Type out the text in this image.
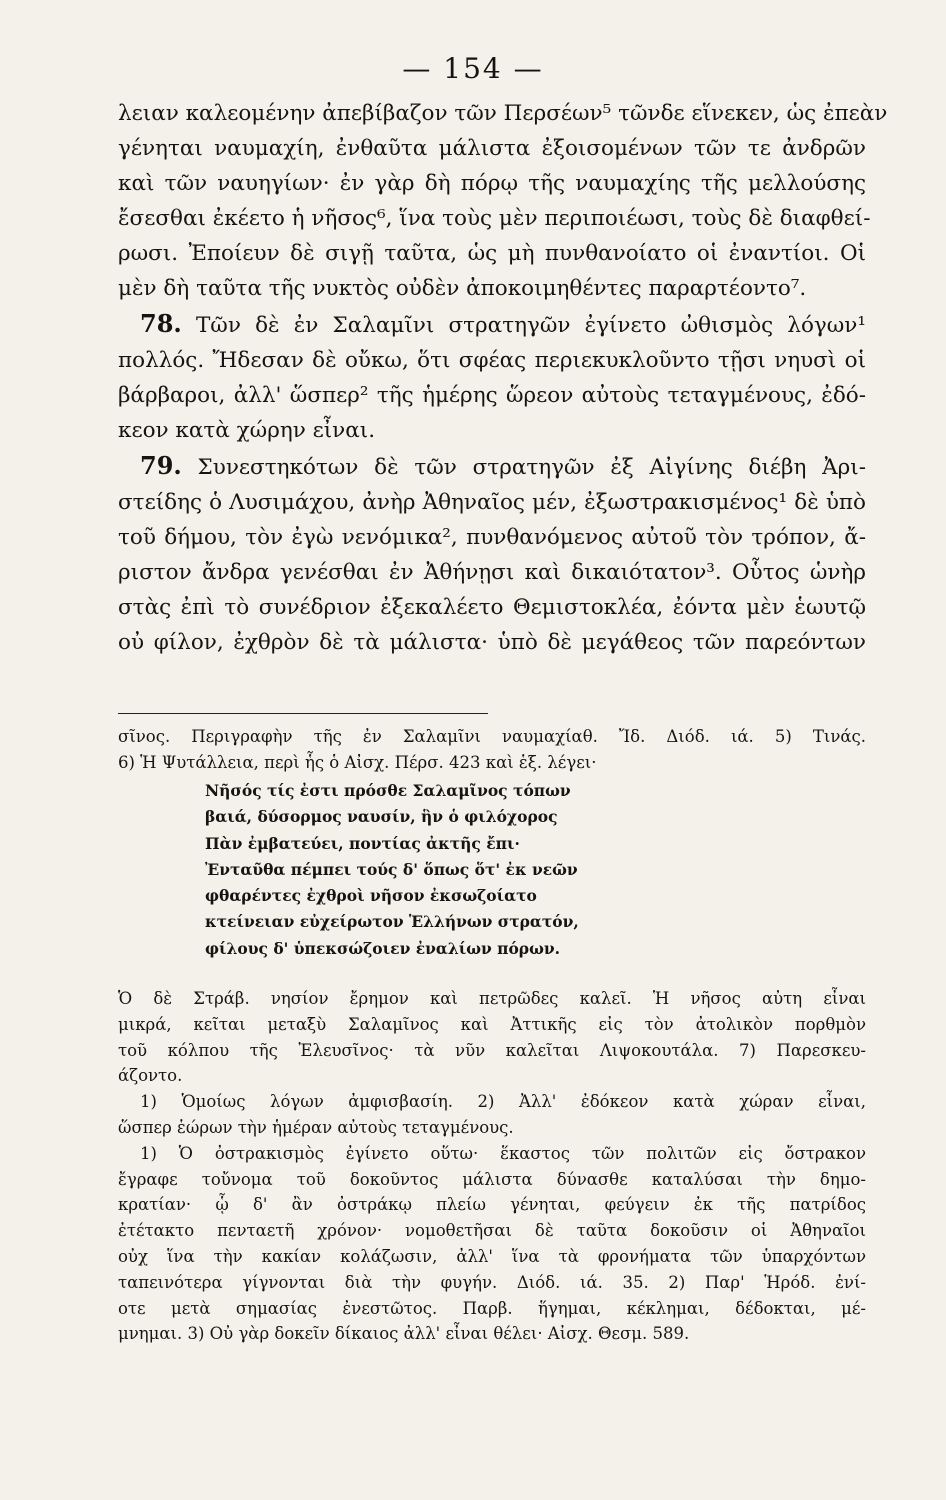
— 154 —

λειαν καλεομένην ἀπεβίβαζον τῶν Περσέων⁵ τῶνδε εἵνεκεν, ὡς ἐπεὰν
γένηται ναυμαχίη, ἐνθαῦτα μάλιστα ἐξοισομένων τῶν τε ἀνδρῶν
καὶ τῶν ναυηγίων· ἐν γὰρ δὴ πόρῳ τῆς ναυμαχίης τῆς μελλούσης
ἔσεσθαι ἐκέετο ἡ νῆσος⁶, ἵνα τοὺς μὲν περιποιέωσι, τοὺς δὲ διαφθεί-
ρωσι. Ἐποίευν δὲ σιγῇ ταῦτα, ὡς μὴ πυνθανοίατο οἱ ἐναντίοι. Οἱ
μὲν δὴ ταῦτα τῆς νυκτὸς οὐδὲν ἀποκοιμηθέντες παραρτέοντο⁷.

78. Τῶν δὲ ἐν Σαλαμῖνι στρατηγῶν ἐγίνετο ὠθισμὸς λόγων¹
πολλός. Ἤδεσαν δὲ οὔκω, ὅτι σφέας περιεκυκλοῦντο τῇσι νηυσὶ οἱ
βάρβαροι, ἀλλ' ὥσπερ² τῆς ἡμέρης ὥρεον αὐτοὺς τεταγμένους, ἐδό-
κεον κατὰ χώρην εἶναι.

79. Συνεστηκότων δὲ τῶν στρατηγῶν ἐξ Αἰγίνης διέβη Ἀρι-
στείδης ὁ Λυσιμάχου, ἀνὴρ Ἀθηναῖος μέν, ἐξωστρακισμένος¹ δὲ ὑπὸ
τοῦ δήμου, τὸν ἐγὼ νενόμικα², πυνθανόμενος αὐτοῦ τὸν τρόπον, ἄ-
ριστον ἄνδρα γενέσθαι ἐν Ἀθήνῃσι καὶ δικαιότατον³. Οὗτος ὡνὴρ
στὰς ἐπὶ τὸ συνέδριον ἐξεκαλέετο Θεμιστοκλέα, ἐόντα μὲν ἑωυτῷ
οὐ φίλον, ἐχθρὸν δὲ τὰ μάλιστα· ὑπὸ δὲ μεγάθεος τῶν παρεόντων

σῖνος. Περιγραφὴν τῆς ἐν Σαλαμῖνι ναυμαχίαθ. Ἴδ. Διόδ. ιά. 5) Τινάς.
6) Ἡ Ψυτάλλεια, περὶ ἧς ὁ Αἰσχ. Πέρσ. 423 καὶ ἑξ. λέγει·
Νῆσός τίς ἐστι πρόσθε Σαλαμῖνος τόπων
βαιά, δύσορμος ναυσίν, ἣν ὁ φιλόχορος
Πὰν ἐμβατεύει, ποντίας ἀκτῆς ἔπι·
Ἐνταῦθα πέμπει τούς δ' ὅπως ὅτ' ἐκ νεῶν
φθαρέντες ἐχθροὶ νῆσον ἐκσωζοίατο
κτείνειαν εὐχείρωτον Ἑλλήνων στρατόν,
φίλους δ' ὑπεκσώζοιεν ἐναλίων πόρων.
Ὁ δὲ Στράβ. νησίον ἔρημον καὶ πετρῶδες καλεῖ. Ἡ νῆσος αὐτη εἶναι
μικρά, κεῖται μεταξὺ Σαλαμῖνος καὶ Ἀττικῆς εἰς τὸν ἀτολικὸν πορθμὸν
τοῦ κόλπου τῆς Ἐλευσῖνος· τὰ νῦν καλεῖται Λιψοκουτάλα. 7) Παρεσκευ-
άζοντο.
1) Ὁμοίως λόγων ἀμφισβασίη. 2) Ἀλλ' ἐδόκεον κατὰ χώραν εἶναι,
ὥσπερ ἑώρων τὴν ἡμέραν αὐτοὺς τεταγμένους.
1) Ὁ ὀστρακισμὸς ἐγίνετο οὕτω· ἕκαστος τῶν πολιτῶν εἰς ὄστρακον
ἔγραφε τοὔνομα τοῦ δοκοῦντος μάλιστα δύνασθε καταλύσαι τὴν δημο-
κρατίαν· ᾧ δ' ἂν ὀστράκῳ πλείω γένηται, φεύγειν ἐκ τῆς πατρίδος
ἐτέτακτο πενταετῆ χρόνον· νομοθετῆσαι δὲ ταῦτα δοκοῦσιν οἱ Ἀθηναῖοι
οὐχ ἵνα τὴν κακίαν κολάζωσιν, ἀλλ' ἵνα τὰ φρονήματα τῶν ὑπαρχόντων
ταπεινότερα γίγνονται διὰ τὴν φυγήν. Διόδ. ιά. 35. 2) Παρ' Ἡρόδ. ἐνί-
οτε μετὰ σημασίας ἐνεστῶτος. Παρβ. ἥγημαι, κέκλημαι, δέδοκται, μέ-
μνημαι. 3) Οὐ γὰρ δοκεῖν δίκαιος ἀλλ' εἶναι θέλει· Αἰσχ. Θεσμ. 589.
